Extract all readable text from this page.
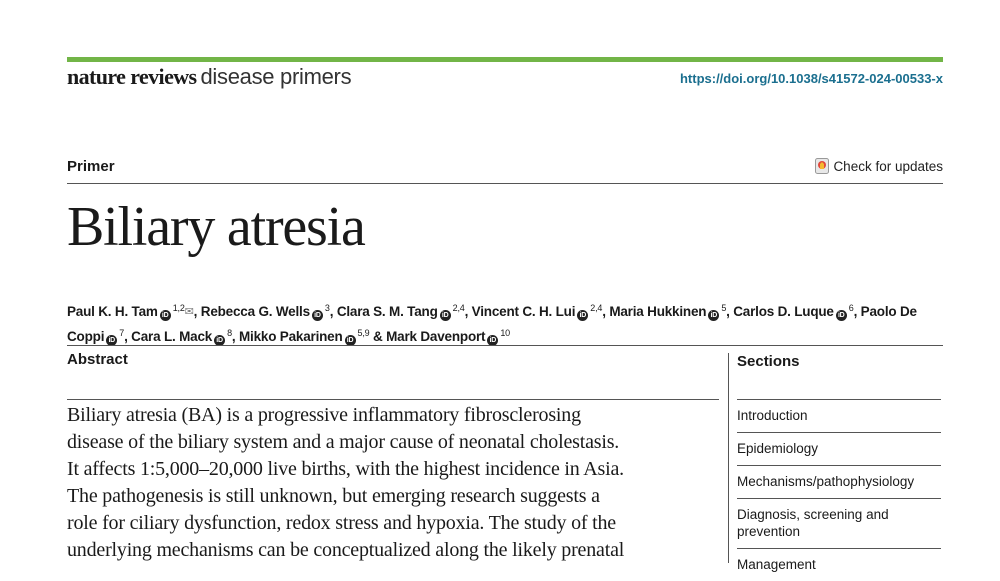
nature reviews disease primers	https://doi.org/10.1038/s41572-024-00533-x
Primer	Check for updates
Biliary atresia
Paul K. H. Tam iD$^{1,2}$✉, Rebecca G. Wells iD$^3$, Clara S. M. Tang iD$^{2,4}$, Vincent C. H. Lui iD$^{2,4}$, Maria Hukkinen iD$^5$, Carlos D. Luque iD$^6$, Paolo De Coppi iD$^7$, Cara L. Mack iD$^8$, Mikko Pakarinen iD$^{5,9}$ & Mark Davenport iD$^{10}$
Abstract
Biliary atresia (BA) is a progressive inflammatory fibrosclerosing
disease of the biliary system and a major cause of neonatal cholestasis.
It affects 1:5,000–20,000 live births, with the highest incidence in Asia.
The pathogenesis is still unknown, but emerging research suggests a
role for ciliary dysfunction, redox stress and hypoxia. The study of the
underlying mechanisms can be conceptualized along the likely prenatal
Sections
Introduction
Epidemiology
Mechanisms/pathophysiology
Diagnosis, screening and prevention
Management
